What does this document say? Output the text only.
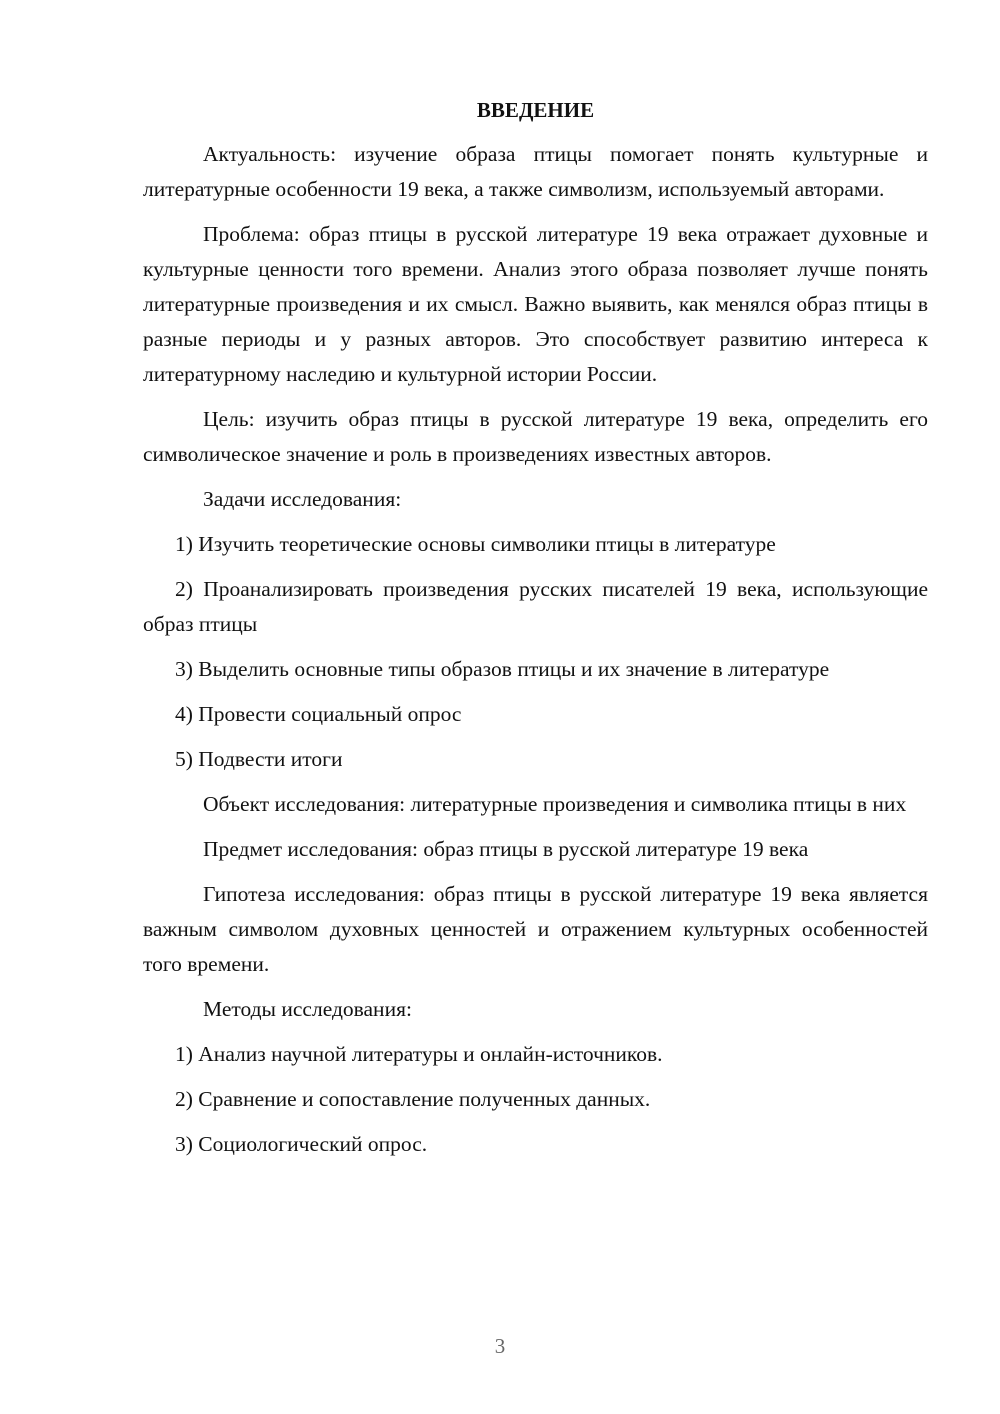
ВВЕДЕНИЕ

Актуальность: изучение образа птицы помогает понять культурные и литературные особенности 19 века, а также символизм, используемый авторами.

Проблема: образ птицы в русской литературе 19 века отражает духовные и культурные ценности того времени. Анализ этого образа позволяет лучше понять литературные произведения и их смысл. Важно выявить, как менялся образ птицы в разные периоды и у разных авторов. Это способствует развитию интереса к литературному наследию и культурной истории России.

Цель: изучить образ птицы в русской литературе 19 века, определить его символическое значение и роль в произведениях известных авторов.

Задачи исследования:

1) Изучить теоретические основы символики птицы в литературе

2) Проанализировать произведения русских писателей 19 века, использующие образ птицы

3) Выделить основные типы образов птицы и их значение в литературе

4) Провести социальный опрос

5) Подвести итоги

Объект исследования: литературные произведения и символика птицы в них

Предмет исследования: образ птицы в русской литературе 19 века

Гипотеза исследования: образ птицы в русской литературе 19 века является важным символом духовных ценностей и отражением культурных особенностей того времени.

Методы исследования:

1) Анализ научной литературы и онлайн-источников.

2) Сравнение и сопоставление полученных данных.

3) Социологический опрос.

3
